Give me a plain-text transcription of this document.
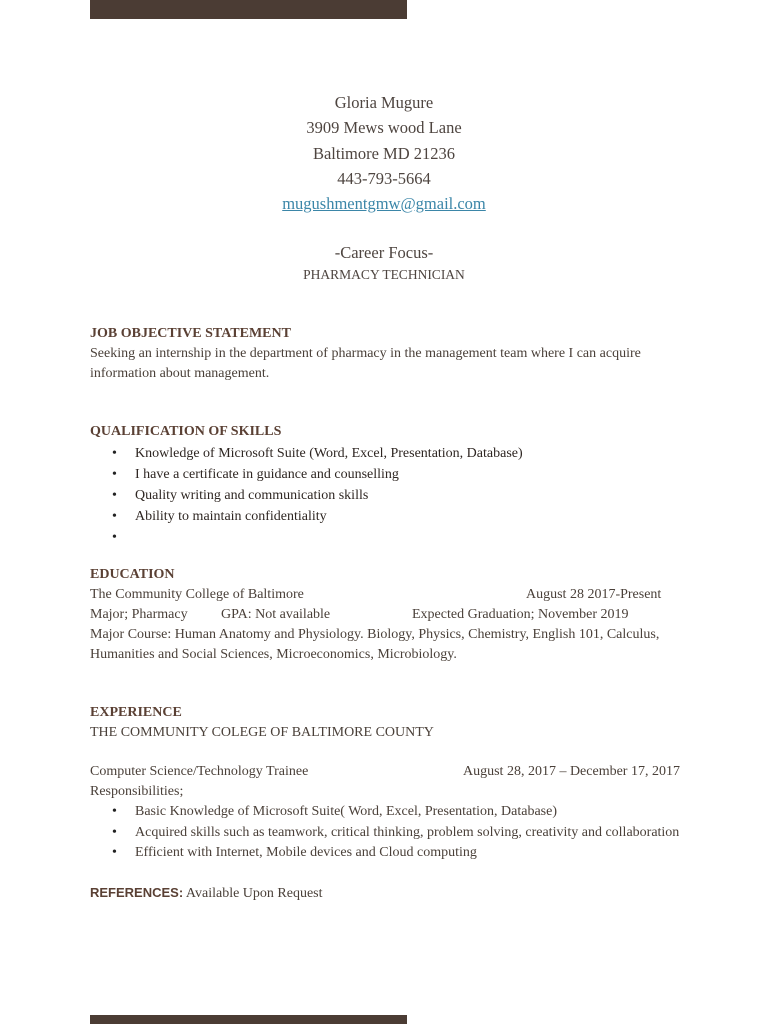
Gloria Mugure
3909 Mews wood Lane
Baltimore MD 21236
443-793-5664
mugushmentgmw@gmail.com
-Career Focus-
PHARMACY TECHNICIAN
JOB OBJECTIVE STATEMENT
Seeking an internship in the department of pharmacy in the management team where I can acquire
information about management.
QUALIFICATION OF SKILLS
• Knowledge of Microsoft Suite (Word, Excel, Presentation, Database)
• I have a certificate in guidance and counselling
• Quality writing and communication skills
• Ability to maintain confidentiality
•
EDUCATION
The Community College of Baltimore	August 28 2017-Present
Major; Pharmacy GPA: Not available	Expected Graduation; November 2019
Major Course: Human Anatomy and Physiology. Biology, Physics, Chemistry, English 101, Calculus,
Humanities and Social Sciences, Microeconomics, Microbiology.
EXPERIENCE
THE COMMUNITY COLEGE OF BALTIMORE COUNTY
Computer Science/Technology Trainee	August 28, 2017 – December 17, 2017
Responsibilities;
• Basic Knowledge of Microsoft Suite( Word, Excel, Presentation, Database)
• Acquired skills such as teamwork, critical thinking, problem solving, creativity and collaboration
• Efficient with Internet, Mobile devices and Cloud computing
REFERENCES: Available Upon Request
